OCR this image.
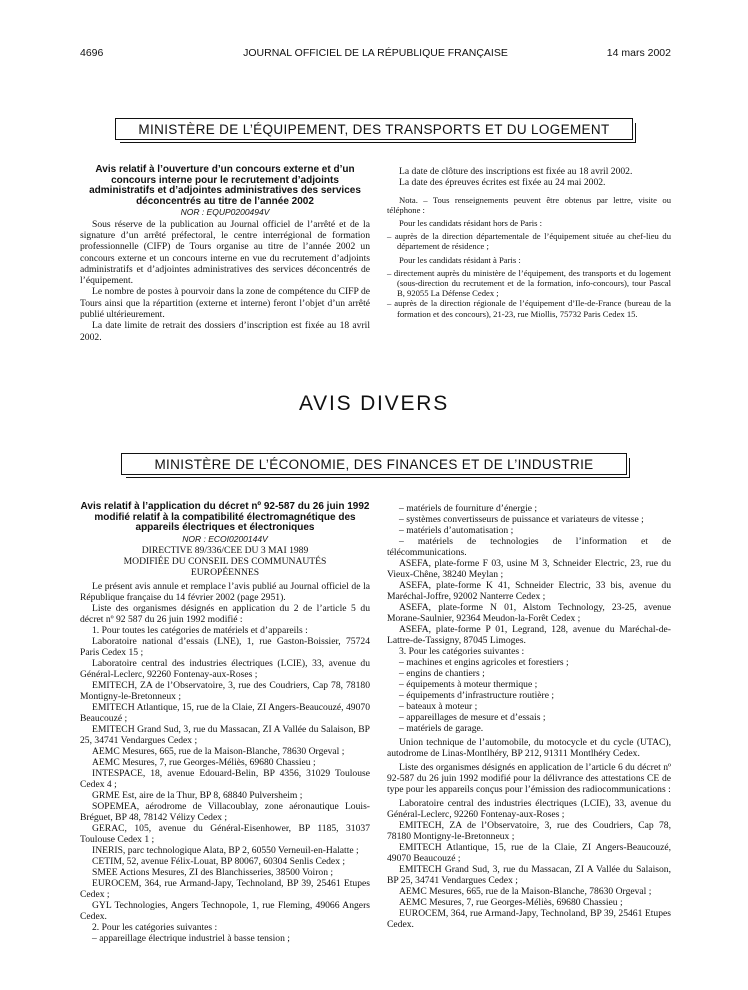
4696	JOURNAL OFFICIEL DE LA RÉPUBLIQUE FRANÇAISE	14 mars 2002
MINISTÈRE DE L’ÉQUIPEMENT, DES TRANSPORTS ET DU LOGEMENT

Avis relatif à l’ouverture d’un concours externe et d’un concours interne pour le recrutement d’adjoints administratifs et d’adjointes administratives des services déconcentrés au titre de l’année 2002

NOR : EQUP0200494V

Sous réserve de la publication au Journal officiel de l’arrêté et de la signature d’un arrêté préfectoral, le centre interrégional de formation professionnelle (CIFP) de Tours organise au titre de l’année 2002 un concours externe et un concours interne en vue du recrutement d’adjoints administratifs et d’adjointes administratives des services déconcentrés de l’équipement.

Le nombre de postes à pourvoir dans la zone de compétence du CIFP de Tours ainsi que la répartition (externe et interne) feront l’objet d’un arrêté publié ultérieurement.

La date limite de retrait des dossiers d’inscription est fixée au 18 avril 2002.

La date de clôture des inscriptions est fixée au 18 avril 2002.

La date des épreuves écrites est fixée au 24 mai 2002.

Nota. – Tous renseignements peuvent être obtenus par lettre, visite ou téléphone :

Pour les candidats résidant hors de Paris :

– auprès de la direction départementale de l’équipement située au chef-lieu du département de résidence ;

Pour les candidats résidant à Paris :

– directement auprès du ministère de l’équipement, des transports et du logement (sous-direction du recrutement et de la formation, info-concours), tour Pascal B, 92055 La Défense Cedex ;

– auprès de la direction régionale de l’équipement d’Ile-de-France (bureau de la formation et des concours), 21-23, rue Miollis, 75732 Paris Cedex 15.

AVIS DIVERS
MINISTÈRE DE L’ÉCONOMIE, DES FINANCES ET DE L’INDUSTRIE

Avis relatif à l’application du décret nº 92-587 du 26 juin 1992 modifié relatif à la compatibilité électromagnétique des appareils électriques et électroniques

NOR : ECOI0200144V

DIRECTIVE 89/336/CEE DU 3 MAI 1989 MODIFIÉE DU CONSEIL DES COMMUNAUTÉS EUROPÉENNES

Le présent avis annule et remplace l’avis publié au Journal officiel de la République française du 14 février 2002 (page 2951).

Liste des organismes désignés en application du 2 de l’article 5 du décret nº 92 587 du 26 juin 1992 modifié :

1. Pour toutes les catégories de matériels et d’appareils :

Laboratoire national d’essais (LNE), 1, rue Gaston-Boissier, 75724 Paris Cedex 15 ;

Laboratoire central des industries électriques (LCIE), 33, avenue du Général-Leclerc, 92260 Fontenay-aux-Roses ;

EMITECH, ZA de l’Observatoire, 3, rue des Coudriers, Cap 78, 78180 Montigny-le-Bretonneux ;

EMITECH Atlantique, 15, rue de la Claie, ZI Angers-Beaucouzé, 49070 Beaucouzé ;

EMITECH Grand Sud, 3, rue du Massacan, ZI A Vallée du Salaison, BP 25, 34741 Vendargues Cedex ;

AEMC Mesures, 665, rue de la Maison-Blanche, 78630 Orgeval ;

AEMC Mesures, 7, rue Georges-Méliès, 69680 Chassieu ;

INTESPACE, 18, avenue Edouard-Belin, BP 4356, 31029 Toulouse Cedex 4 ;

GRME Est, aire de la Thur, BP 8, 68840 Pulversheim ;

SOPEMEA, aérodrome de Villacoublay, zone aéronautique Louis-Bréguet, BP 48, 78142 Vélizy Cedex ;

GERAC, 105, avenue du Général-Eisenhower, BP 1185, 31037 Toulouse Cedex 1 ;

INERIS, parc technologique Alata, BP 2, 60550 Verneuil-en-Halatte ;

CETIM, 52, avenue Félix-Louat, BP 80067, 60304 Senlis Cedex ;

SMEE Actions Mesures, ZI des Blanchisseries, 38500 Voiron ;

EUROCEM, 364, rue Armand-Japy, Technoland, BP 39, 25461 Etupes Cedex ;

GYL Technologies, Angers Technopole, 1, rue Fleming, 49066 Angers Cedex.

2. Pour les catégories suivantes :

– appareillage électrique industriel à basse tension ;

– matériels de fourniture d’énergie ;

– systèmes convertisseurs de puissance et variateurs de vitesse ;

– matériels d’automatisation ;

– matériels de technologies de l’information et de télécommunications.

ASEFA, plate-forme F 03, usine M 3, Schneider Electric, 23, rue du Vieux-Chêne, 38240 Meylan ;

ASEFA, plate-forme K 41, Schneider Electric, 33 bis, avenue du Maréchal-Joffre, 92002 Nanterre Cedex ;

ASEFA, plate-forme N 01, Alstom Technology, 23-25, avenue Morane-Saulnier, 92364 Meudon-la-Forêt Cedex ;

ASEFA, plate-forme P 01, Legrand, 128, avenue du Maréchal-de-Lattre-de-Tassigny, 87045 Limoges.

3. Pour les catégories suivantes :

– machines et engins agricoles et forestiers ;

– engins de chantiers ;

– équipements à moteur thermique ;

– équipements d’infrastructure routière ;

– bateaux à moteur ;

– appareillages de mesure et d’essais ;

– matériels de garage.

Union technique de l’automobile, du motocycle et du cycle (UTAC), autodrome de Linas-Montlhéry, BP 212, 91311 Montlhéry Cedex.

Liste des organismes désignés en application de l’article 6 du décret nº 92-587 du 26 juin 1992 modifié pour la délivrance des attestations CE de type pour les appareils conçus pour l’émission des radiocommunications :

Laboratoire central des industries électriques (LCIE), 33, avenue du Général-Leclerc, 92260 Fontenay-aux-Roses ;

EMITECH, ZA de l’Observatoire, 3, rue des Coudriers, Cap 78, 78180 Montigny-le-Bretonneux ;

EMITECH Atlantique, 15, rue de la Claie, ZI Angers-Beaucouzé, 49070 Beaucouzé ;

EMITECH Grand Sud, 3, rue du Massacan, ZI A Vallée du Salaison, BP 25, 34741 Vendargues Cedex ;

AEMC Mesures, 665, rue de la Maison-Blanche, 78630 Orgeval ;

AEMC Mesures, 7, rue Georges-Méliès, 69680 Chassieu ;

EUROCEM, 364, rue Armand-Japy, Technoland, BP 39, 25461 Etupes Cedex.
